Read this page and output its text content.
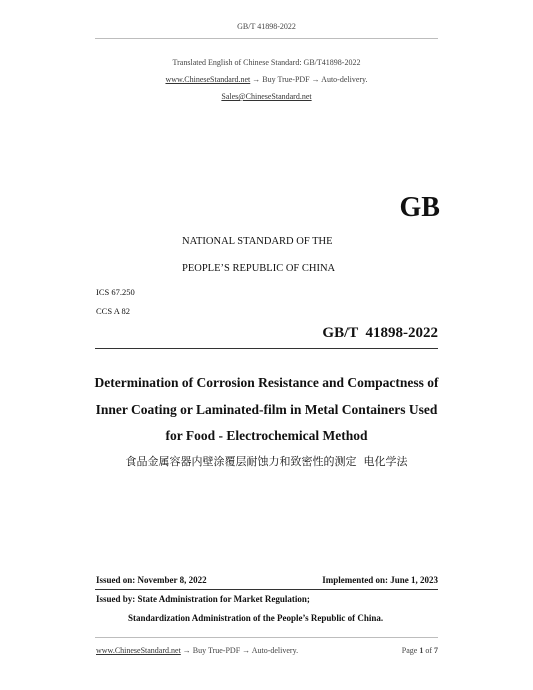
GB/T 41898-2022
Translated English of Chinese Standard: GB/T41898-2022
www.ChineseStandard.net → Buy True-PDF → Auto-delivery.
Sales@ChineseStandard.net
GB
NATIONAL STANDARD OF THE
PEOPLE’S REPUBLIC OF CHINA
ICS 67.250
CCS A 82
GB/T  41898-2022
Determination of Corrosion Resistance and Compactness of
Inner Coating or Laminated-film in Metal Containers Used
for Food - Electrochemical Method
食品金属容器内壁涂覆层耐蚀力和致密性的测定  电化学法
Issued on: November 8, 2022	Implemented on: June 1, 2023
Issued by: State Administration for Market Regulation;
Standardization Administration of the People’s Republic of China.
www.ChineseStandard.net → Buy True-PDF → Auto-delivery.	Page 1 of 7
